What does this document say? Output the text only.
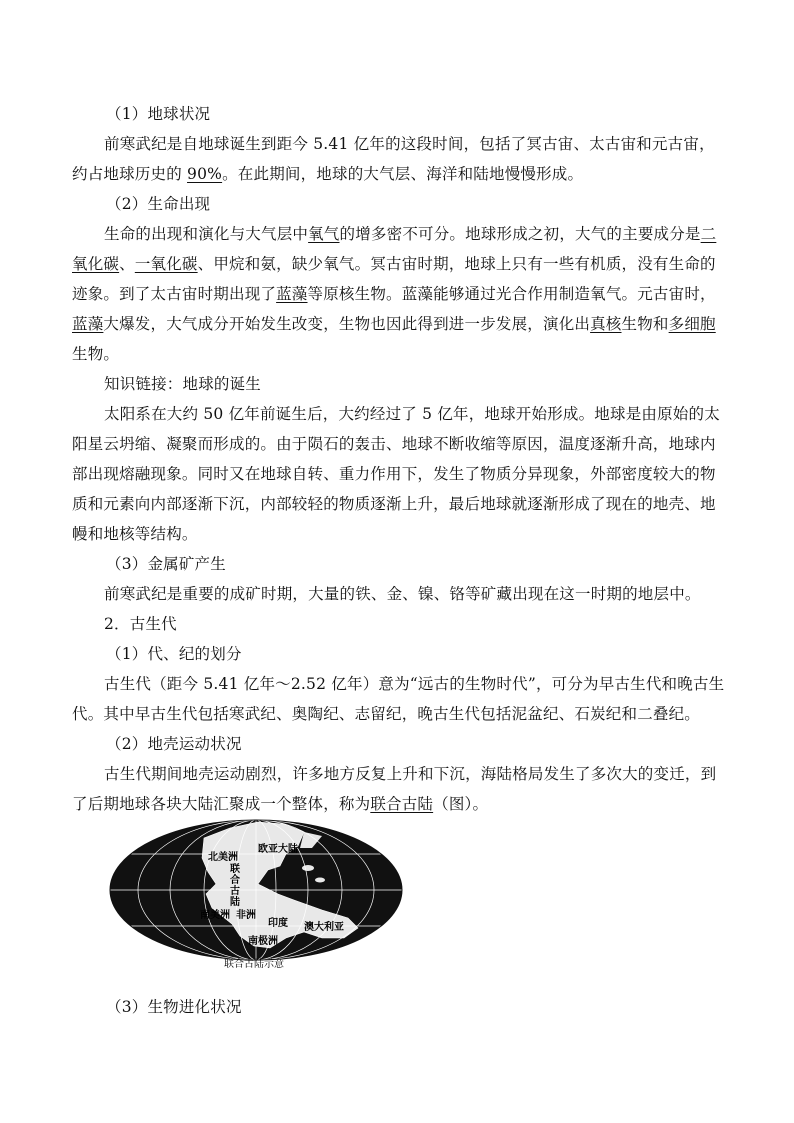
（1）地球状况
前寒武纪是自地球诞生到距今 5.41 亿年的这段时间，包括了冥古宙、太古宙和元古宙，
约占地球历史的 90%。在此期间，地球的大气层、海洋和陆地慢慢形成。
（2）生命出现
生命的出现和演化与大气层中氧气的增多密不可分。地球形成之初，大气的主要成分是二
氧化碳、一氧化碳、甲烷和氨，缺少氧气。冥古宙时期，地球上只有一些有机质，没有生命的
迹象。到了太古宙时期出现了蓝藻等原核生物。蓝藻能够通过光合作用制造氧气。元古宙时，
蓝藻大爆发，大气成分开始发生改变，生物也因此得到进一步发展，演化出真核生物和多细胞
生物。
知识链接：地球的诞生
太阳系在大约 50 亿年前诞生后，大约经过了 5 亿年，地球开始形成。地球是由原始的太
阳星云坍缩、凝聚而形成的。由于陨石的轰击、地球不断收缩等原因，温度逐渐升高，地球内
部出现熔融现象。同时又在地球自转、重力作用下，发生了物质分异现象，外部密度较大的物
质和元素向内部逐渐下沉，内部较轻的物质逐渐上升，最后地球就逐渐形成了现在的地壳、地
幔和地核等结构。
（3）金属矿产生
前寒武纪是重要的成矿时期，大量的铁、金、镍、铬等矿藏出现在这一时期的地层中。
2．古生代
（1）代、纪的划分
古生代（距今 5.41 亿年～2.52 亿年）意为“远古的生物时代”，可分为早古生代和晚古生
代。其中早古生代包括寒武纪、奥陶纪、志留纪，晚古生代包括泥盆纪、石炭纪和二叠纪。
（2）地壳运动状况
古生代期间地壳运动剧烈，许多地方反复上升和下沉，海陆格局发生了多次大的变迁，到
了后期地球各块大陆汇聚成一个整体，称为联合古陆（图）。
北美洲
欧亚大陆
南美洲 非洲
印度 澳大利亚
南极洲
联合古陆
联合古陆示意
（3）生物进化状况
